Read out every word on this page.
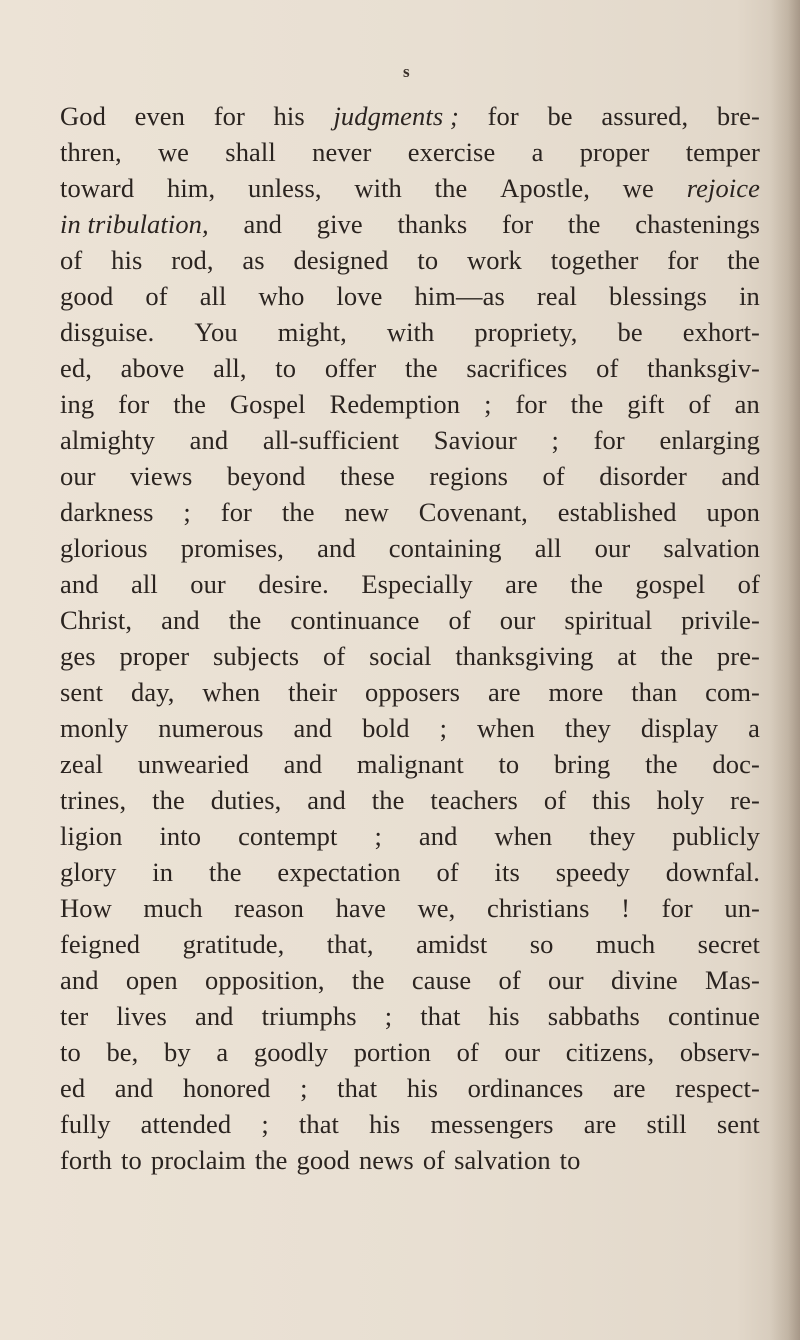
s
God even for his judgments ; for be assured, bre-
thren, we shall never exercise a proper temper
toward him, unless, with the Apostle, we rejoice
in tribulation, and give thanks for the chastenings
of his rod, as designed to work together for the
good of all who love him—as real blessings in
disguise. You might, with propriety, be exhort-
ed, above all, to offer the sacrifices of thanksgiv-
ing for the Gospel Redemption ; for the gift of an
almighty and all-sufficient Saviour ; for enlarging
our views beyond these regions of disorder and
darkness ; for the new Covenant, established upon
glorious promises, and containing all our salvation
and all our desire. Especially are the gospel of
Christ, and the continuance of our spiritual privile-
ges proper subjects of social thanksgiving at the pre-
sent day, when their opposers are more than com-
monly numerous and bold ; when they display a
zeal unwearied and malignant to bring the doc-
trines, the duties, and the teachers of this holy re-
ligion into contempt ; and when they publicly
glory in the expectation of its speedy downfal.
How much reason have we, christians ! for un-
feigned gratitude, that, amidst so much secret
and open opposition, the cause of our divine Mas-
ter lives and triumphs ; that his sabbaths continue
to be, by a goodly portion of our citizens, observ-
ed and honored ; that his ordinances are respect-
fully attended ; that his messengers are still sent
forth to proclaim the good news of salvation to
